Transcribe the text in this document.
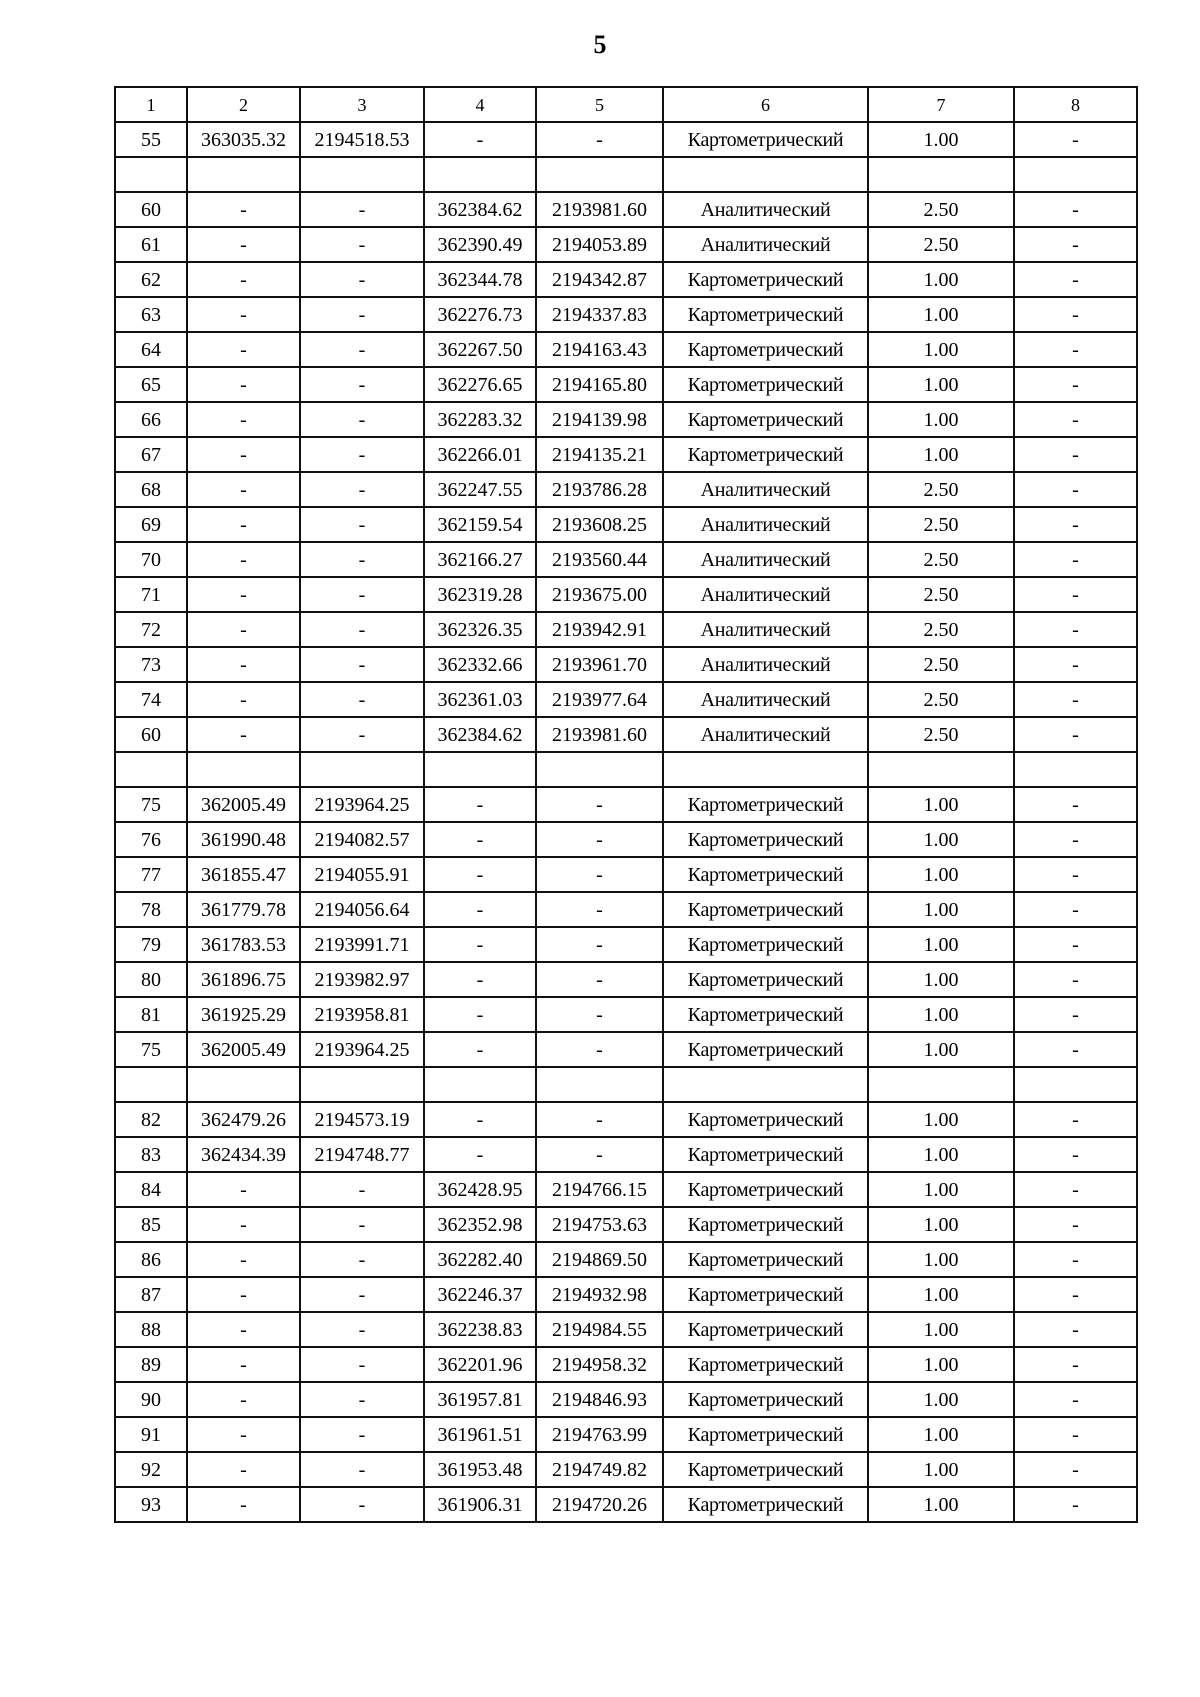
5
1	2	3	4	5	6	7	8
55	363035.32	2194518.53	-	-	Картометрический	1.00	-

60	-	-	362384.62	2193981.60	Аналитический	2.50	-
61	-	-	362390.49	2194053.89	Аналитический	2.50	-
62	-	-	362344.78	2194342.87	Картометрический	1.00	-
63	-	-	362276.73	2194337.83	Картометрический	1.00	-
64	-	-	362267.50	2194163.43	Картометрический	1.00	-
65	-	-	362276.65	2194165.80	Картометрический	1.00	-
66	-	-	362283.32	2194139.98	Картометрический	1.00	-
67	-	-	362266.01	2194135.21	Картометрический	1.00	-
68	-	-	362247.55	2193786.28	Аналитический	2.50	-
69	-	-	362159.54	2193608.25	Аналитический	2.50	-
70	-	-	362166.27	2193560.44	Аналитический	2.50	-
71	-	-	362319.28	2193675.00	Аналитический	2.50	-
72	-	-	362326.35	2193942.91	Аналитический	2.50	-
73	-	-	362332.66	2193961.70	Аналитический	2.50	-
74	-	-	362361.03	2193977.64	Аналитический	2.50	-
60	-	-	362384.62	2193981.60	Аналитический	2.50	-

75	362005.49	2193964.25	-	-	Картометрический	1.00	-
76	361990.48	2194082.57	-	-	Картометрический	1.00	-
77	361855.47	2194055.91	-	-	Картометрический	1.00	-
78	361779.78	2194056.64	-	-	Картометрический	1.00	-
79	361783.53	2193991.71	-	-	Картометрический	1.00	-
80	361896.75	2193982.97	-	-	Картометрический	1.00	-
81	361925.29	2193958.81	-	-	Картометрический	1.00	-
75	362005.49	2193964.25	-	-	Картометрический	1.00	-

82	362479.26	2194573.19	-	-	Картометрический	1.00	-
83	362434.39	2194748.77	-	-	Картометрический	1.00	-
84	-	-	362428.95	2194766.15	Картометрический	1.00	-
85	-	-	362352.98	2194753.63	Картометрический	1.00	-
86	-	-	362282.40	2194869.50	Картометрический	1.00	-
87	-	-	362246.37	2194932.98	Картометрический	1.00	-
88	-	-	362238.83	2194984.55	Картометрический	1.00	-
89	-	-	362201.96	2194958.32	Картометрический	1.00	-
90	-	-	361957.81	2194846.93	Картометрический	1.00	-
91	-	-	361961.51	2194763.99	Картометрический	1.00	-
92	-	-	361953.48	2194749.82	Картометрический	1.00	-
93	-	-	361906.31	2194720.26	Картометрический	1.00	-
